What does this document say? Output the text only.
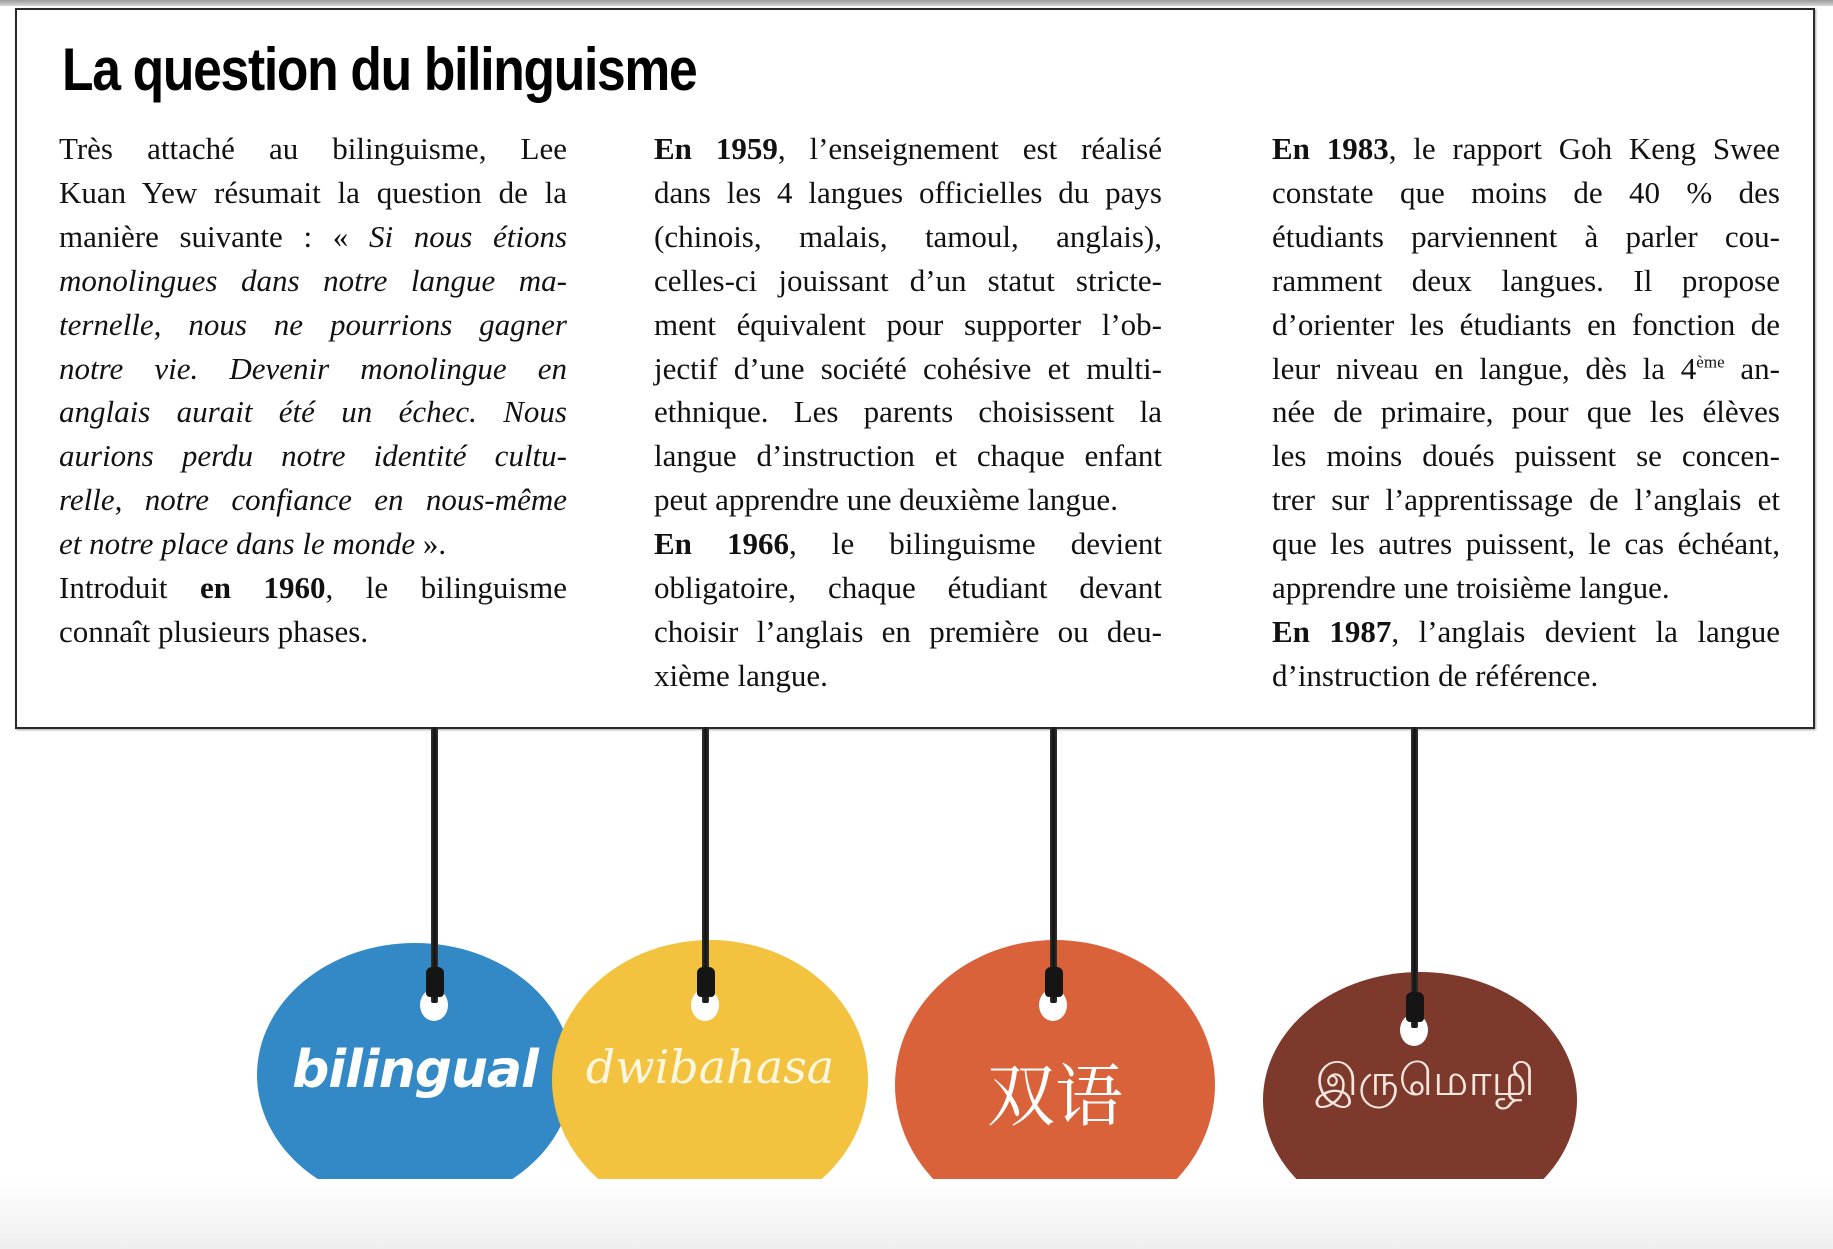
La question du bilinguisme
Très attaché au bilinguisme, Lee
Kuan Yew résumait la question de la
manière suivante : « Si nous étions
monolingues dans notre langue ma-
ternelle, nous ne pourrions gagner
notre vie. Devenir monolingue en
anglais aurait été un échec. Nous
aurions perdu notre identité cultu-
relle, notre confiance en nous-même
et notre place dans le monde ».
Introduit en 1960, le bilinguisme
connaît plusieurs phases.
En 1959, l’enseignement est réalisé
dans les 4 langues officielles du pays
(chinois, malais, tamoul, anglais),
celles-ci jouissant d’un statut stricte-
ment équivalent pour supporter l’ob-
jectif d’une société cohésive et multi-
ethnique. Les parents choisissent la
langue d’instruction et chaque enfant
peut apprendre une deuxième langue.
En 1966, le bilinguisme devient
obligatoire, chaque étudiant devant
choisir l’anglais en première ou deu-
xième langue.
En 1983, le rapport Goh Keng Swee
constate que moins de 40 % des
étudiants parviennent à parler cou-
ramment deux langues. Il propose
d’orienter les étudiants en fonction de
leur niveau en langue, dès la 4ème an-
née de primaire, pour que les élèves
les moins doués puissent se concen-
trer sur l’apprentissage de l’anglais et
que les autres puissent, le cas échéant,
apprendre une troisième langue.
En 1987, l’anglais devient la langue
d’instruction de référence.
bilingual	dwibahasa	双语	இருமொழி
